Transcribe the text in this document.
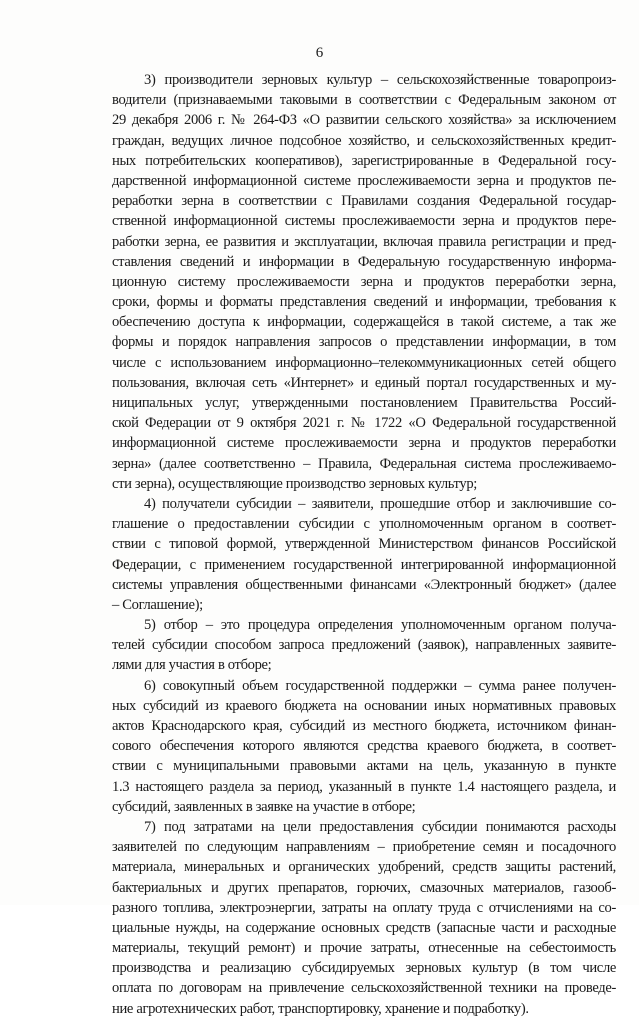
6
3) производители зерновых культур – сельскохозяйственные товаропроиз-
водители (признаваемыми таковыми в соответствии с Федеральным законом от
29 декабря 2006 г. № 264-ФЗ «О развитии сельского хозяйства» за исключением
граждан, ведущих личное подсобное хозяйство, и сельскохозяйственных кредит-
ных потребительских кооперативов), зарегистрированные в Федеральной госу-
дарственной информационной системе прослеживаемости зерна и продуктов пе-
реработки зерна в соответствии с Правилами создания Федеральной государ-
ственной информационной системы прослеживаемости зерна и продуктов пере-
работки зерна, ее развития и эксплуатации, включая правила регистрации и пред-
ставления сведений и информации в Федеральную государственную информа-
ционную систему прослеживаемости зерна и продуктов переработки зерна,
сроки, формы и форматы представления сведений и информации, требования к
обеспечению доступа к информации, содержащейся в такой системе, а так же
формы и порядок направления запросов о представлении информации, в том
числе с использованием информационно–телекоммуникационных сетей общего
пользования, включая сеть «Интернет» и единый портал государственных и му-
ниципальных услуг, утвержденными постановлением Правительства Россий-
ской Федерации от 9 октября 2021 г. № 1722 «О Федеральной государственной
информационной системе прослеживаемости зерна и продуктов переработки
зерна» (далее соответственно – Правила, Федеральная система прослеживаемо-
сти зерна), осуществляющие производство зерновых культур;
4) получатели субсидии – заявители, прошедшие отбор и заключившие со-
глашение о предоставлении субсидии с уполномоченным органом в соответ-
ствии с типовой формой, утвержденной Министерством финансов Российской
Федерации, с применением государственной интегрированной информационной
системы управления общественными финансами «Электронный бюджет» (далее
– Соглашение);
5) отбор – это процедура определения уполномоченным органом получа-
телей субсидии способом запроса предложений (заявок), направленных заявите-
лями для участия в отборе;
6) совокупный объем государственной поддержки – сумма ранее получен-
ных субсидий из краевого бюджета на основании иных нормативных правовых
актов Краснодарского края, субсидий из местного бюджета, источником финан-
сового обеспечения которого являются средства краевого бюджета, в соответ-
ствии с муниципальными правовыми актами на цель, указанную в пункте
1.3 настоящего раздела за период, указанный в пункте 1.4 настоящего раздела, и
субсидий, заявленных в заявке на участие в отборе;
7) под затратами на цели предоставления субсидии понимаются расходы
заявителей по следующим направлениям – приобретение семян и посадочного
материала, минеральных и органических удобрений, средств защиты растений,
бактериальных и других препаратов, горючих, смазочных материалов, газооб-
разного топлива, электроэнергии, затраты на оплату труда с отчислениями на со-
циальные нужды, на содержание основных средств (запасные части и расходные
материалы, текущий ремонт) и прочие затраты, отнесенные на себестоимость
производства и реализацию субсидируемых зерновых культур (в том числе
оплата по договорам на привлечение сельскохозяйственной техники на проведе-
ние агротехнических работ, транспортировку, хранение и подработку).
